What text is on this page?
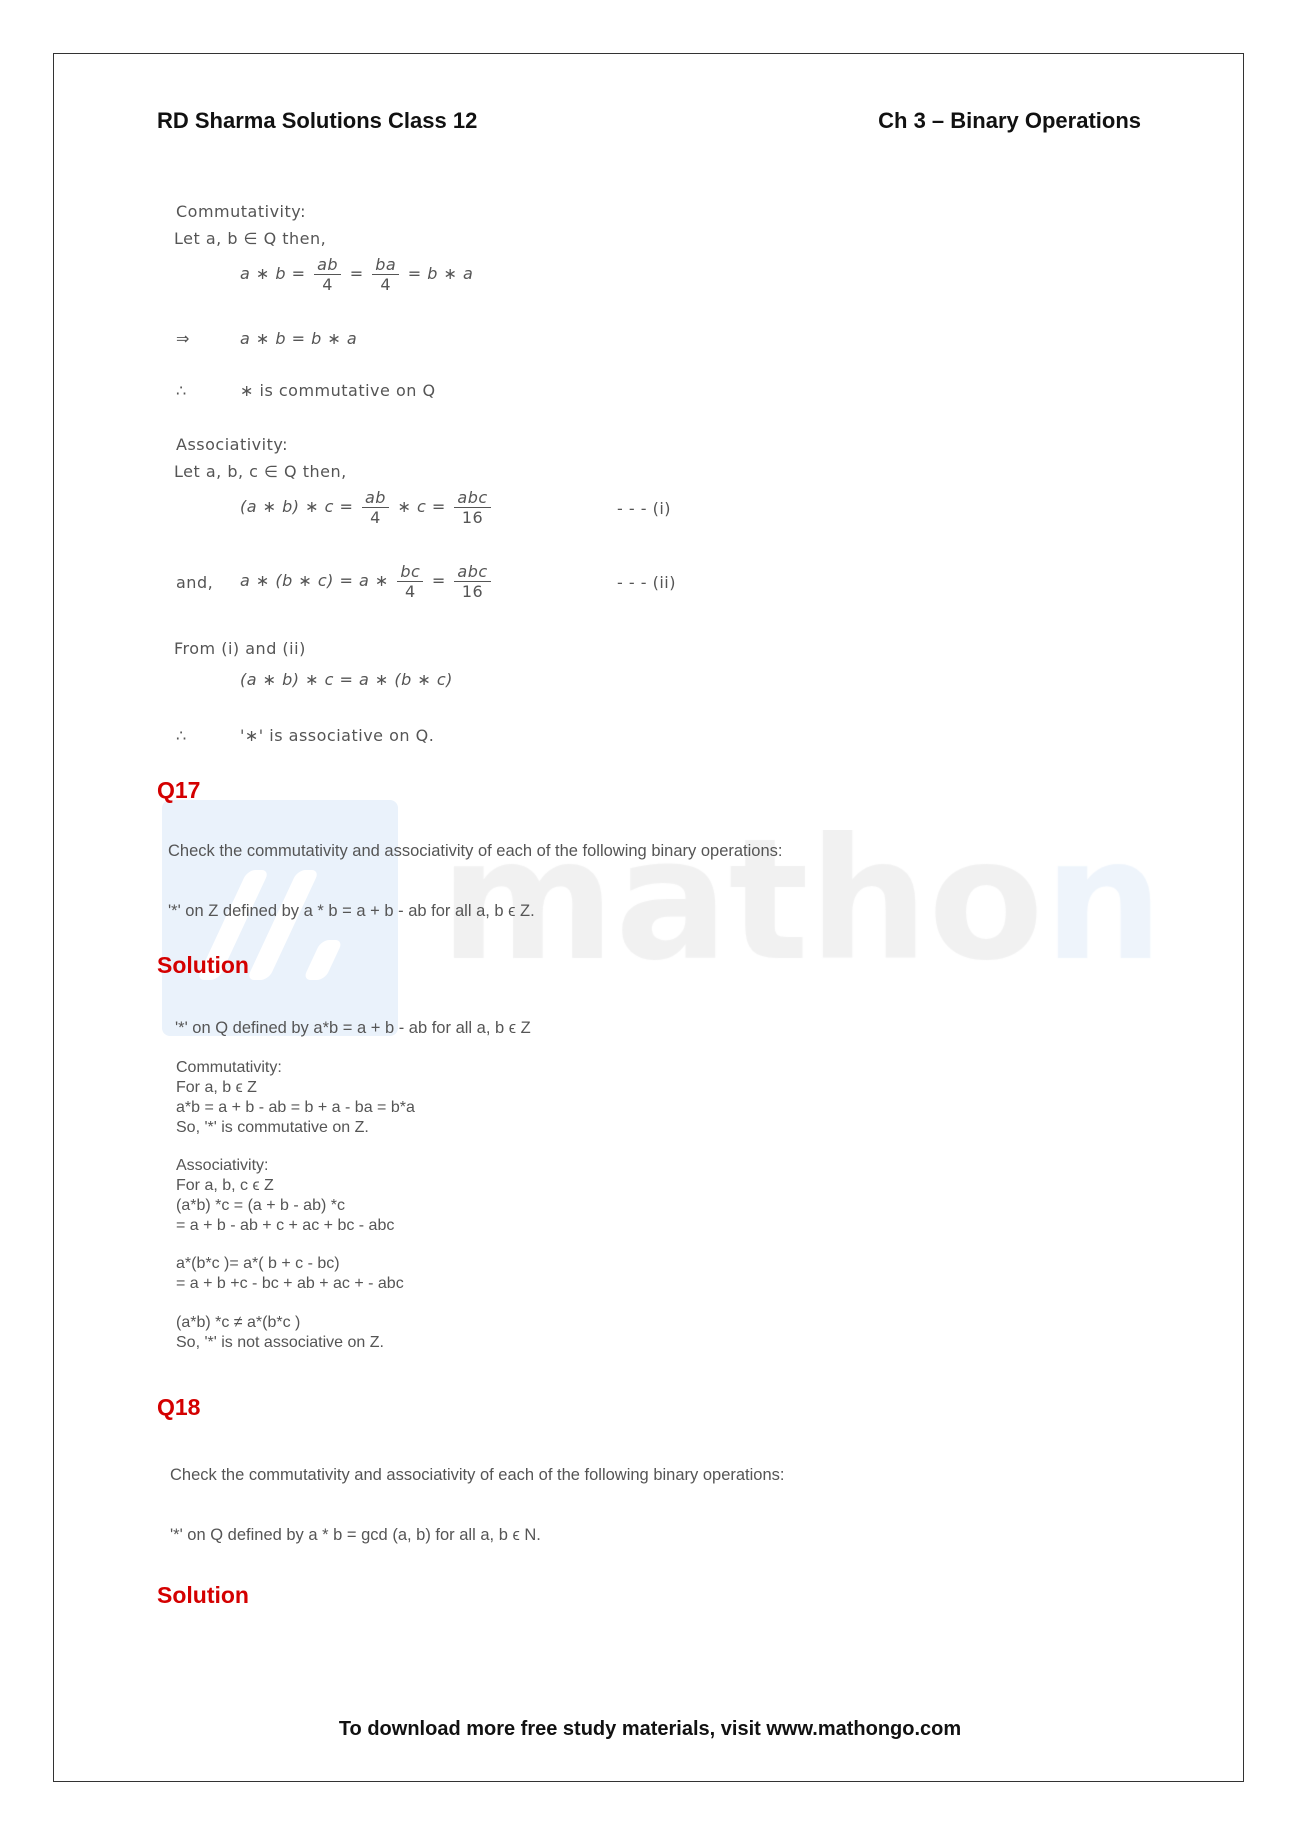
RD Sharma Solutions Class 12	Ch 3 – Binary Operations
Commutativity:
Let a, b ∈ Q then,
a ∗ $b = \frac{ab}{4} = \frac{ba}{4} = b$ ∗ a
⇒	a ∗ b = b ∗ a
∴	∗ is commutative on Q
Associativity:
Let a, b, c ∈ Q then,
(a ∗ b) ∗ $c = \frac{ab}{4}$ ∗ $c = \frac{\text{abc}}{16}$	- - - (i)
and, a ∗ (b ∗ c) = a ∗ $\frac{bc}{4} = \frac{\text{abc}}{16}$	- - - (ii)
From (i) and (ii)
(a ∗ b) ∗ c = a ∗ (b ∗ c)
∴	'∗' is associative on Q.
Q17
Check the commutativity and associativity of each of the following binary operations:
'*' on Z defined by a * b = a + b - ab for all a, b ϵ Z.
Solution
'*' on Q defined by a*b = a + b - ab for all a, b ϵ Z
Commutativity:
For a, b ϵ Z
a*b = a + b - ab = b + a - ba = b*a
So, '*' is commutative on Z.
Associativity:
For a, b, c ϵ Z
(a*b) *c = (a + b - ab) *c
= a + b - ab + c + ac + bc - abc
a*(b*c )= a*( b + c - bc)
= a + b +c - bc + ab + ac + - abc
(a*b) *c ≠ a*(b*c )
So, '*' is not associative on Z.
Q18
Check the commutativity and associativity of each of the following binary operations:
'*' on Q defined by a * b = gcd (a, b) for all a, b ϵ N.
Solution
To download more free study materials, visit www.mathongo.com
